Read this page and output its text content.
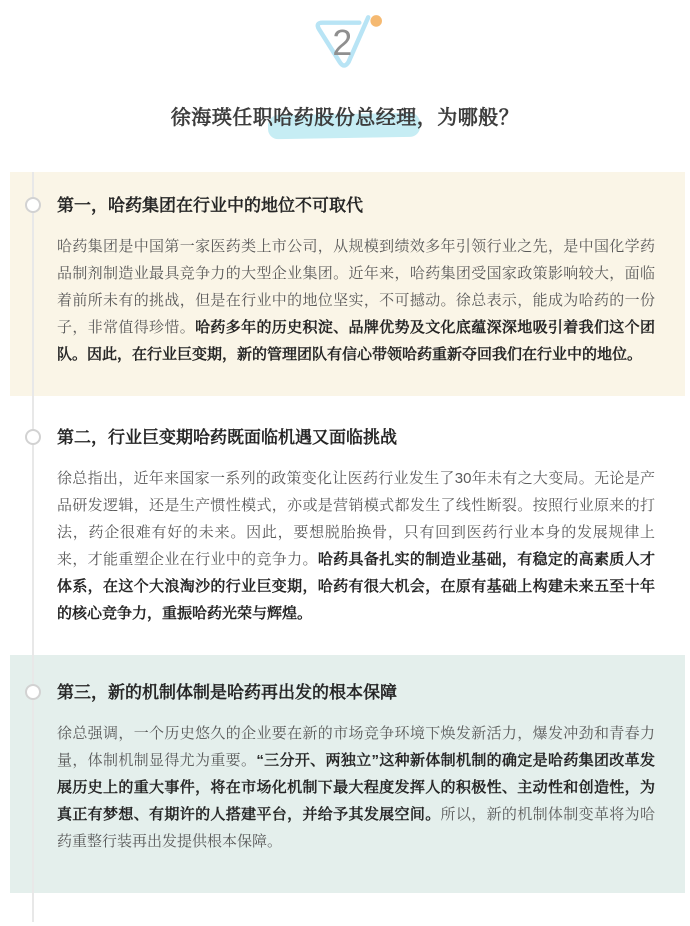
2
徐海瑛任职哈药股份总经理，为哪般？
第一，哈药集团在行业中的地位不可取代

哈药集团是中国第一家医药类上市公司，从规模到绩效多年引领行业之先，是中国化学药品制剂制造业最具竞争力的大型企业集团。近年来，哈药集团受国家政策影响较大，面临着前所未有的挑战，但是在行业中的地位坚实，不可撼动。徐总表示，能成为哈药的一份子，非常值得珍惜。哈药多年的历史积淀、品牌优势及文化底蕴深深地吸引着我们这个团队。因此，在行业巨变期，新的管理团队有信心带领哈药重新夺回我们在行业中的地位。

第二，行业巨变期哈药既面临机遇又面临挑战

徐总指出，近年来国家一系列的政策变化让医药行业发生了30年未有之大变局。无论是产品研发逻辑，还是生产惯性模式，亦或是营销模式都发生了线性断裂。按照行业原来的打法，药企很难有好的未来。因此，要想脱胎换骨，只有回到医药行业本身的发展规律上来，才能重塑企业在行业中的竞争力。哈药具备扎实的制造业基础，有稳定的高素质人才体系，在这个大浪淘沙的行业巨变期，哈药有很大机会，在原有基础上构建未来五至十年的核心竞争力，重振哈药光荣与辉煌。

第三，新的机制体制是哈药再出发的根本保障

徐总强调，一个历史悠久的企业要在新的市场竞争环境下焕发新活力，爆发冲劲和青春力量，体制机制显得尤为重要。“三分开、两独立”这种新体制机制的确定是哈药集团改革发展历史上的重大事件，将在市场化机制下最大程度发挥人的积极性、主动性和创造性，为真正有梦想、有期许的人搭建平台，并给予其发展空间。所以，新的机制体制变革将为哈药重整行装再出发提供根本保障。
